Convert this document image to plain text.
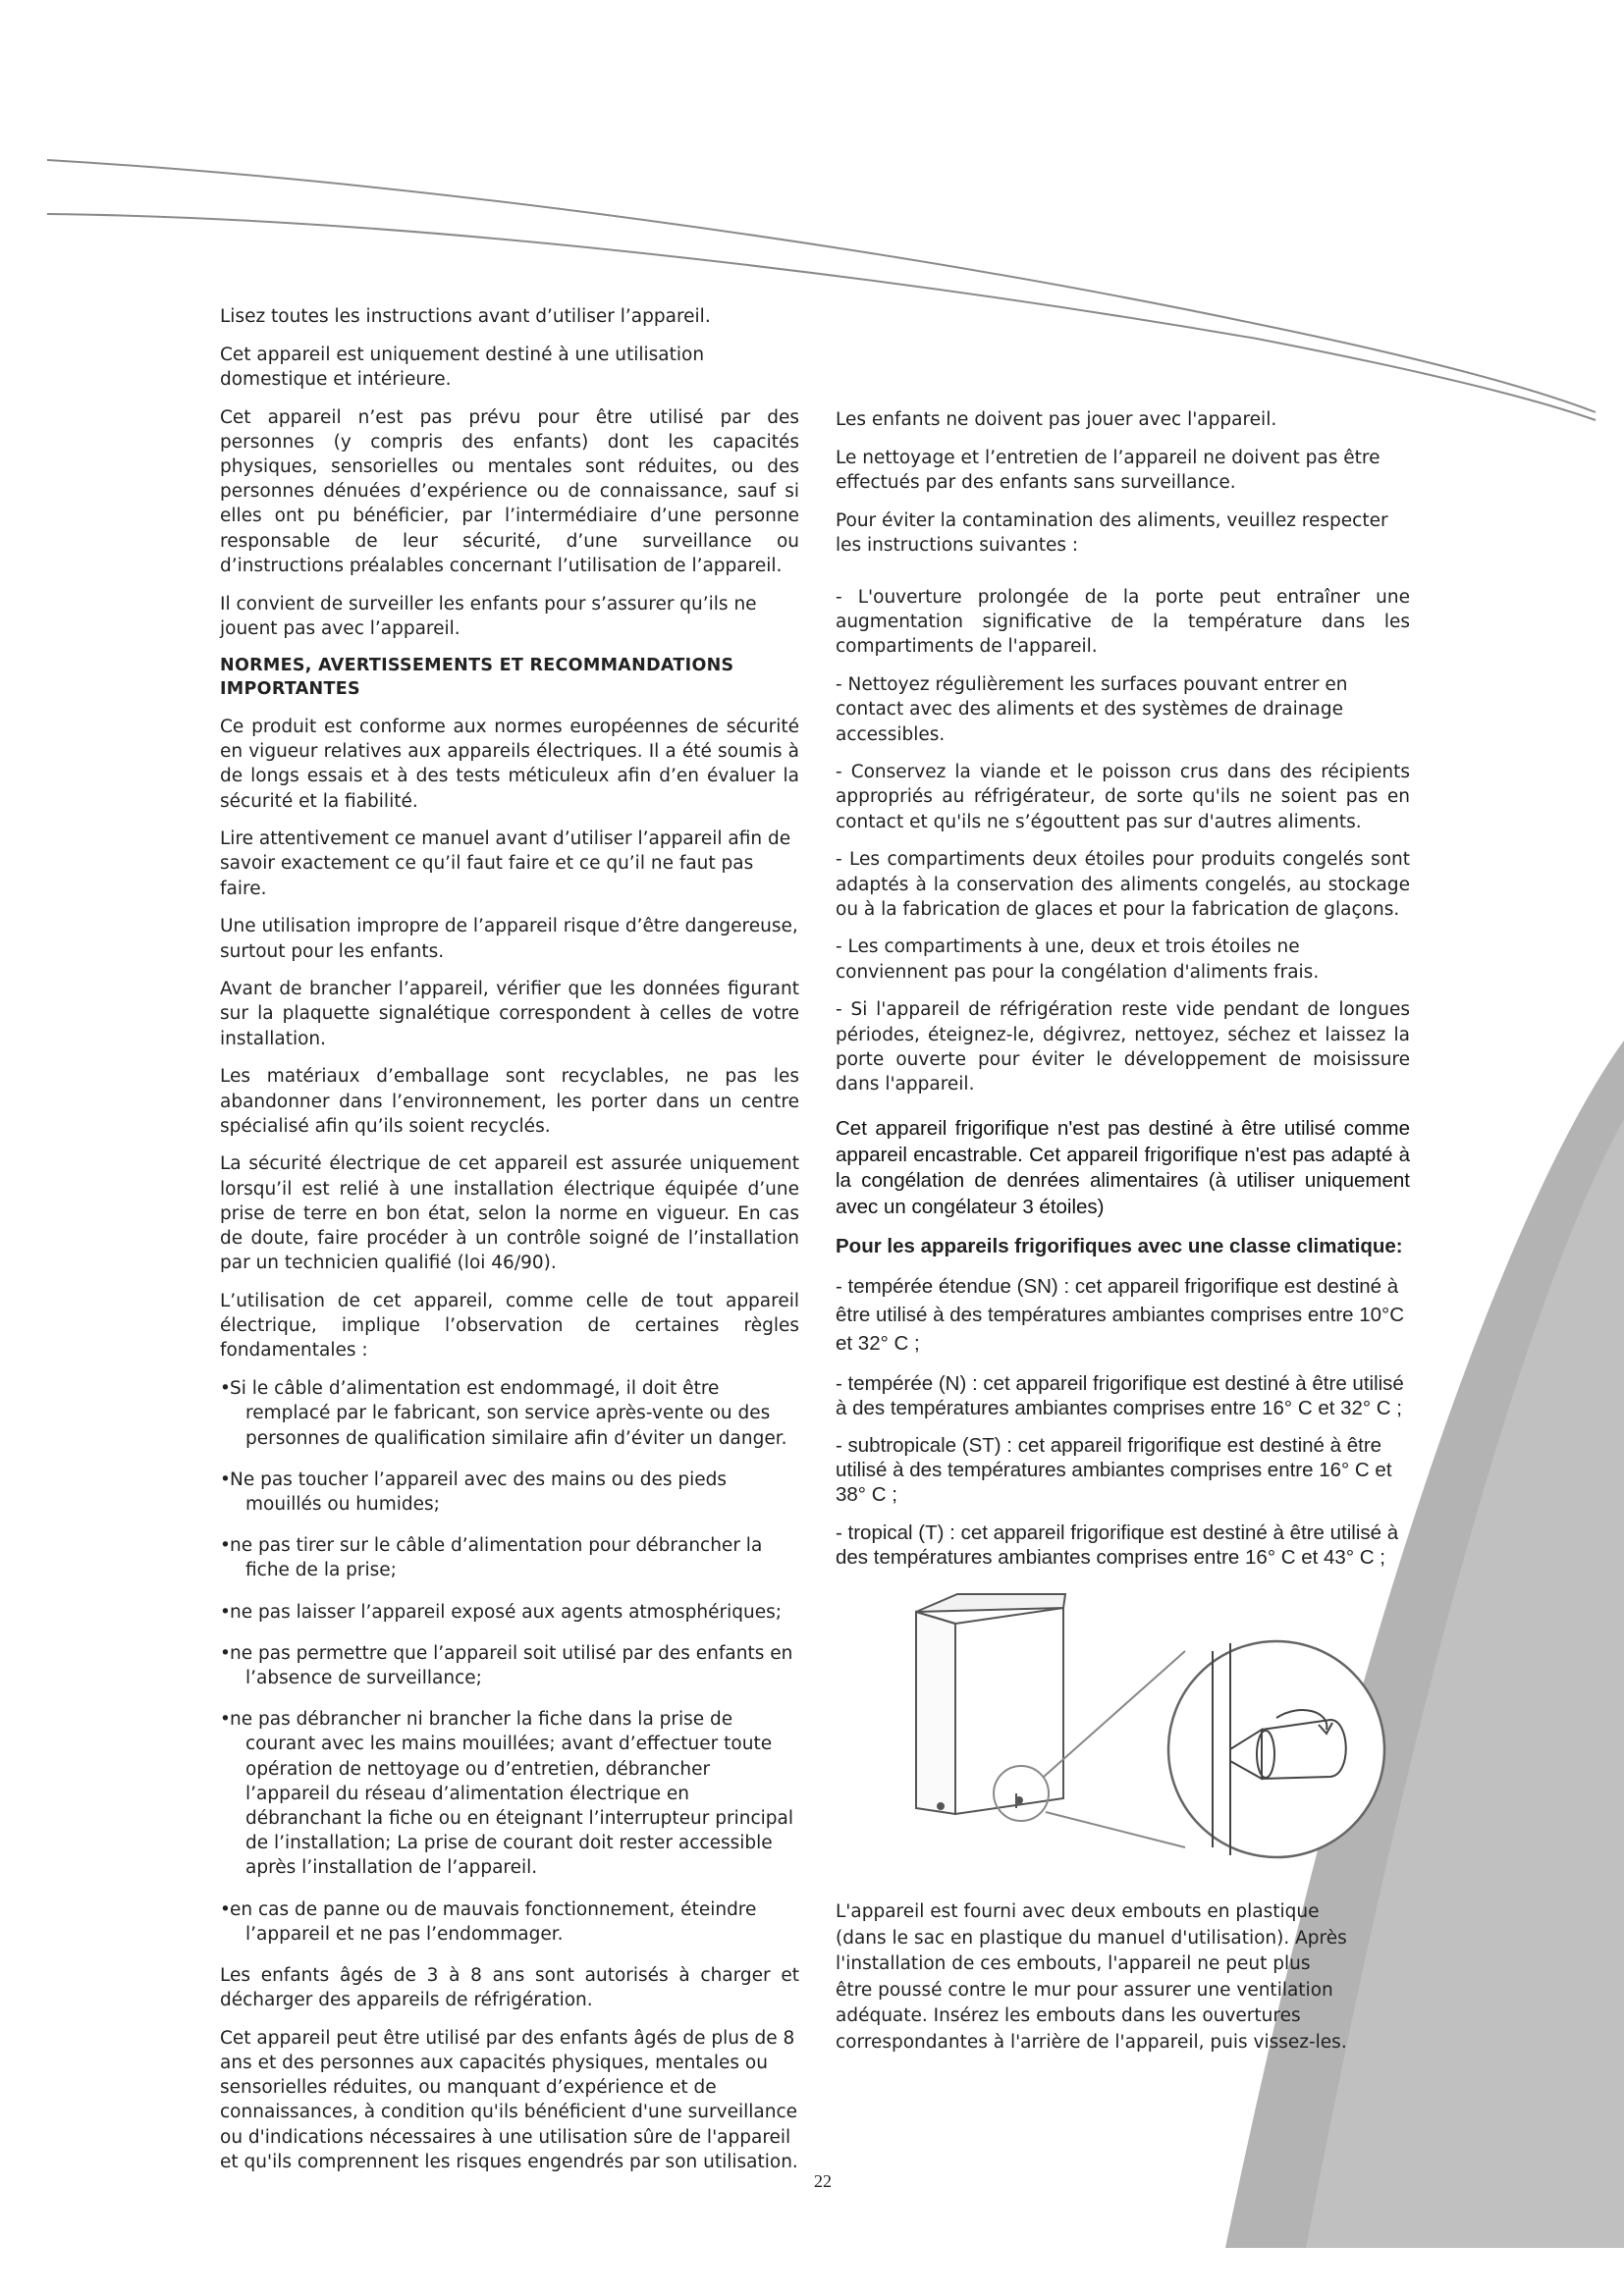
Lisez toutes les instructions avant d’utiliser l’appareil.

Cet appareil est uniquement destiné à une utilisation domestique et intérieure.

Cet appareil n’est pas prévu pour être utilisé par des personnes (y compris des enfants) dont les capacités physiques, sensorielles ou mentales sont réduites, ou des personnes dénuées d’expérience ou de connaissance, sauf si elles ont pu bénéficier, par l’intermédiaire d’une personne responsable de leur sécurité, d’une surveillance ou d’instructions préalables concernant l’utilisation de l’appareil.

Il convient de surveiller les enfants pour s’assurer qu’ils ne jouent pas avec l’appareil.

NORMES, AVERTISSEMENTS ET RECOMMANDATIONS IMPORTANTES

Ce produit est conforme aux normes européennes de sécurité en vigueur relatives aux appareils électriques. Il a été soumis à de longs essais et à des tests méticuleux afin d’en évaluer la sécurité et la fiabilité.

Lire attentivement ce manuel avant d’utiliser l’appareil afin de savoir exactement ce qu’il faut faire et ce qu’il ne faut pas faire.

Une utilisation impropre de l’appareil risque d’être dangereuse, surtout pour les enfants.

Avant de brancher l’appareil, vérifier que les données figurant sur la plaquette signalétique correspondent à celles de votre installation.

Les matériaux d’emballage sont recyclables, ne pas les abandonner dans l’environnement, les porter dans un centre spécialisé afin qu’ils soient recyclés.

La sécurité électrique de cet appareil est assurée uniquement lorsqu’il est relié à une installation électrique équipée d’une prise de terre en bon état, selon la norme en vigueur. En cas de doute, faire procéder à un contrôle soigné de l’installation par un technicien qualifié (loi 46/90).

L’utilisation de cet appareil, comme celle de tout appareil électrique, implique l’observation de certaines règles fondamentales :

•Si le câble d’alimentation est endommagé, il doit être remplacé par le fabricant, son service après-vente ou des personnes de qualification similaire afin d’éviter un danger.
•Ne pas toucher l’appareil avec des mains ou des pieds mouillés ou humides;
•ne pas tirer sur le câble d’alimentation pour débrancher la fiche de la prise;
•ne pas laisser l’appareil exposé aux agents atmosphériques;
•ne pas permettre que l’appareil soit utilisé par des enfants en l’absence de surveillance;
•ne pas débrancher ni brancher la fiche dans la prise de courant avec les mains mouillées; avant d’effectuer toute opération de nettoyage ou d’entretien, débrancher l’appareil du réseau d’alimentation électrique en débranchant la fiche ou en éteignant l’interrupteur principal de l’installation; La prise de courant doit rester accessible après l’installation de l’appareil.
•en cas de panne ou de mauvais fonctionnement, éteindre l’appareil et ne pas l’endommager.

Les enfants âgés de 3 à 8 ans sont autorisés à charger et décharger des appareils de réfrigération.

Cet appareil peut être utilisé par des enfants âgés de plus de 8 ans et des personnes aux capacités physiques, mentales ou sensorielles réduites, ou manquant d’expérience et de connaissances, à condition qu'ils bénéficient d'une surveillance ou d'indications nécessaires à une utilisation sûre de l'appareil et qu'ils comprennent les risques engendrés par son utilisation.

Les enfants ne doivent pas jouer avec l'appareil.

Le nettoyage et l’entretien de l’appareil ne doivent pas être effectués par des enfants sans surveillance.

Pour éviter la contamination des aliments, veuillez respecter les instructions suivantes :

- L'ouverture prolongée de la porte peut entraîner une augmentation significative de la température dans les compartiments de l'appareil.

- Nettoyez régulièrement les surfaces pouvant entrer en contact avec des aliments et des systèmes de drainage accessibles.

- Conservez la viande et le poisson crus dans des récipients appropriés au réfrigérateur, de sorte qu'ils ne soient pas en contact et qu'ils ne s’égouttent pas sur d'autres aliments.

- Les compartiments deux étoiles pour produits congelés sont adaptés à la conservation des aliments congelés, au stockage ou à la fabrication de glaces et pour la fabrication de glaçons.

- Les compartiments à une, deux et trois étoiles ne conviennent pas pour la congélation d'aliments frais.

- Si l'appareil de réfrigération reste vide pendant de longues périodes, éteignez-le, dégivrez, nettoyez, séchez et laissez la porte ouverte pour éviter le développement de moisissure dans l'appareil.

Cet appareil frigorifique n'est pas destiné à être utilisé comme appareil encastrable. Cet appareil frigorifique n'est pas adapté à la congélation de denrées alimentaires (à utiliser uniquement avec un congélateur 3 étoiles)

Pour les appareils frigorifiques avec une classe climatique:

- tempérée étendue (SN) : cet appareil frigorifique est destiné à être utilisé à des températures ambiantes comprises entre 10°C et 32° C ;

- tempérée (N) : cet appareil frigorifique est destiné à être utilisé à des températures ambiantes comprises entre 16° C et 32° C ;

- subtropicale (ST) : cet appareil frigorifique est destiné à être utilisé à des températures ambiantes comprises entre 16° C et 38° C ;

- tropical (T) : cet appareil frigorifique est destiné à être utilisé à des températures ambiantes comprises entre 16° C et 43° C ;

L'appareil est fourni avec deux embouts en plastique

(dans le sac en plastique du manuel d'utilisation). Après

l'installation de ces embouts, l'appareil ne peut plus

être poussé contre le mur pour assurer une ventilation

adéquate. Insérez les embouts dans les ouvertures

correspondantes à l'arrière de l'appareil, puis vissez-les.

22
